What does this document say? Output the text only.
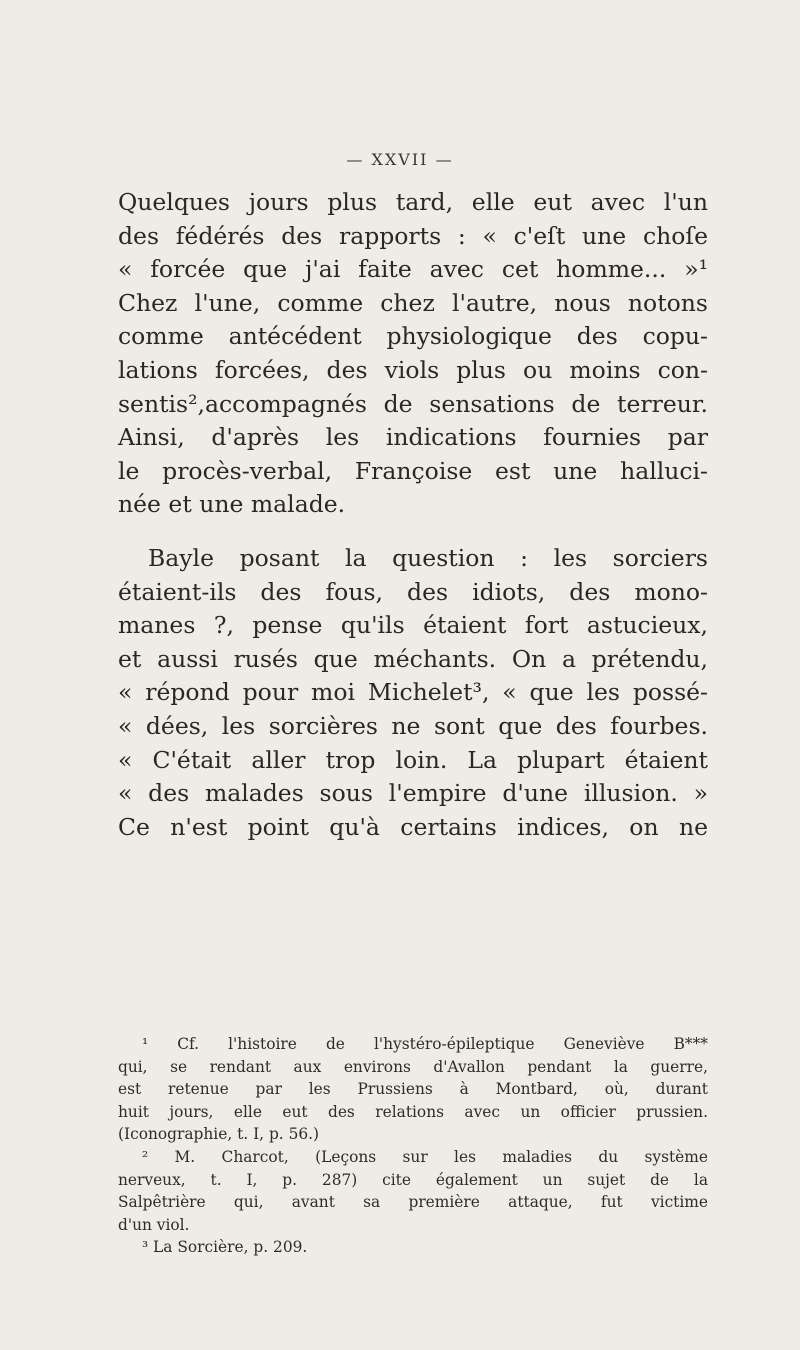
— XXVII —
Quelques jours plus tard, elle eut avec l'un
des fédérés des rapports : « c'eſt une choſe
« forcée que j'ai faite avec cet homme... »¹
Chez l'une, comme chez l'autre, nous notons
comme antécédent physiologique des copu-
lations forcées, des viols plus ou moins con-
sentis²,accompagnés de sensations de terreur.
Ainsi, d'après les indications fournies par
le procès-verbal, Françoise est une halluci-
née et une malade.
Bayle posant la question : les sorciers
étaient-ils des fous, des idiots, des mono-
manes ?, pense qu'ils étaient fort astucieux,
et aussi rusés que méchants. On a prétendu,
« répond pour moi Michelet³, « que les possé-
« dées, les sorcières ne sont que des fourbes.
« C'était aller trop loin. La plupart étaient
« des malades sous l'empire d'une illusion. »
Ce n'est point qu'à certains indices, on ne
¹ Cf. l'histoire de l'hystéro-épileptique Geneviève B***
qui, se rendant aux environs d'Avallon pendant la guerre,
est retenue par les Prussiens à Montbard, où, durant
huit jours, elle eut des relations avec un officier prussien.
(Iconographie, t. I, p. 56.)
² M. Charcot, (Leçons sur les maladies du système
nerveux, t. I, p. 287) cite également un sujet de la
Salpêtrière qui, avant sa première attaque, fut victime
d'un viol.
³ La Sorcière, p. 209.
